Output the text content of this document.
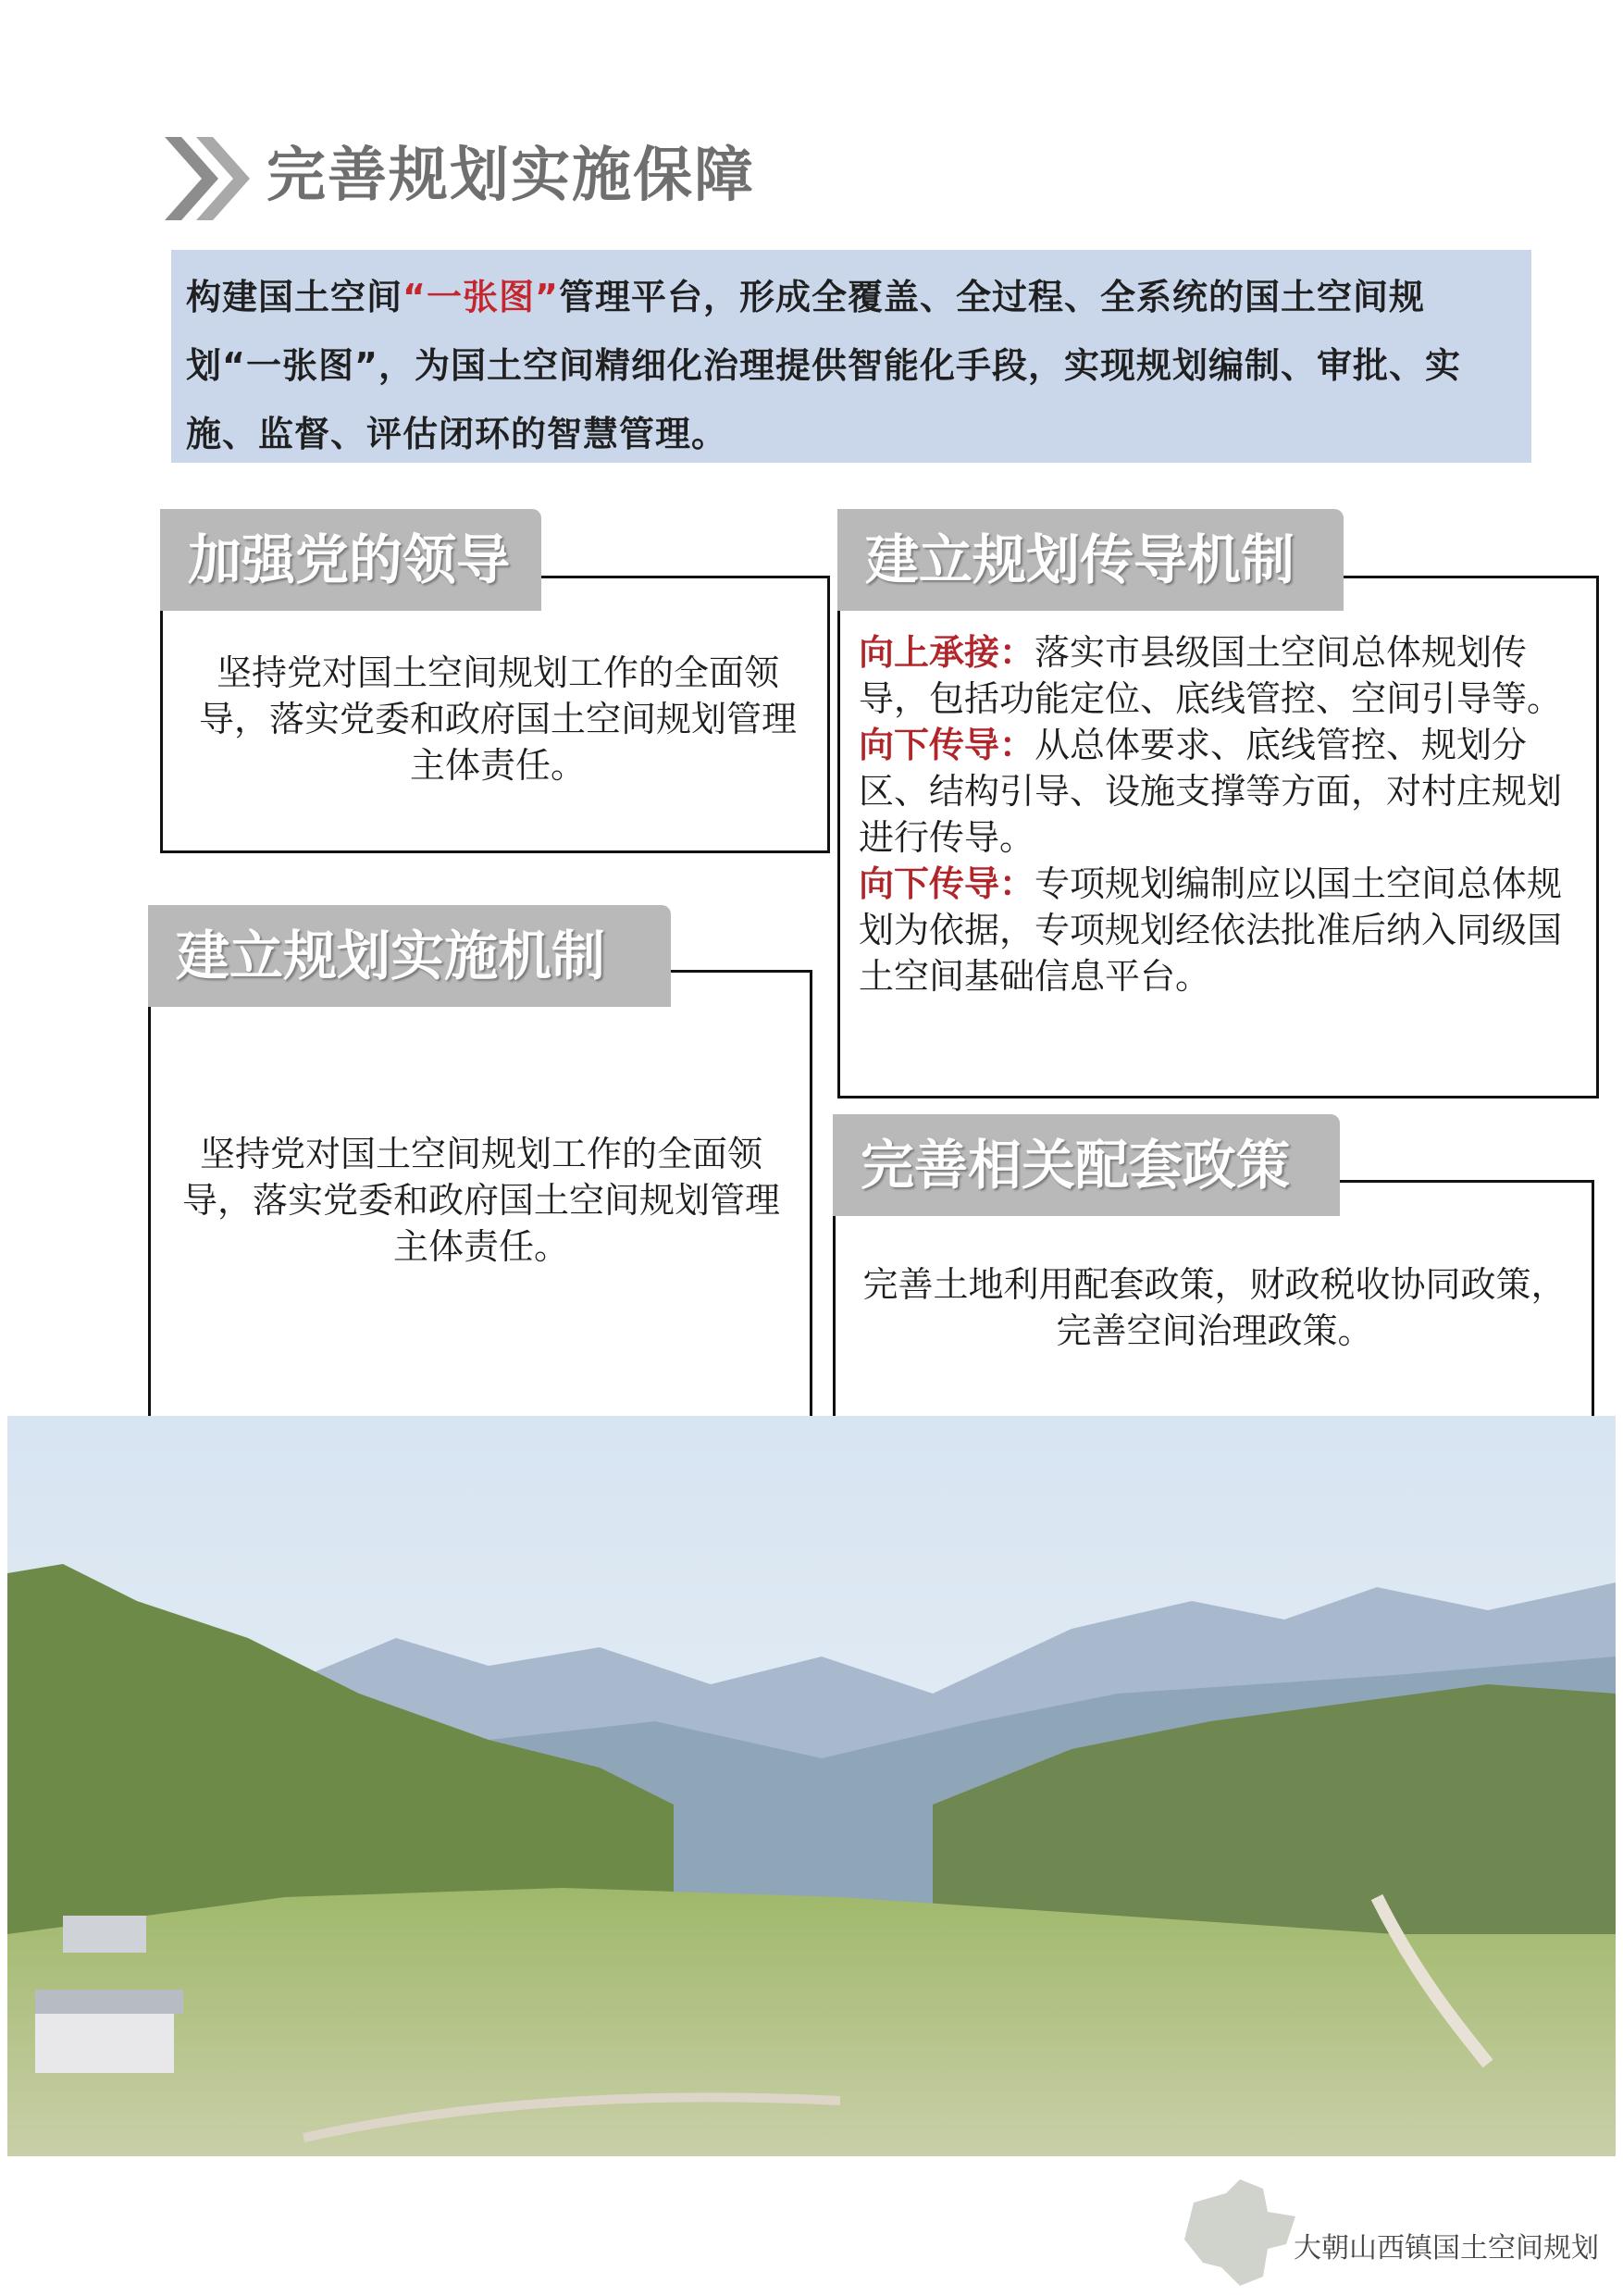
完善规划实施保障

构建国土空间“一张图”管理平台，形成全覆盖、全过程、全系统的国土空间规划“一张图”，为国土空间精细化治理提供智能化手段，实现规划编制、审批、实施、监督、评估闭环的智慧管理。

加强党的领导
坚持党对国土空间规划工作的全面领导，落实党委和政府国土空间规划管理主体责任。
建立规划传导机制
向上承接：落实市县级国土空间总体规划传导，包括功能定位、底线管控、空间引导等。
向下传导：从总体要求、底线管控、规划分区、结构引导、设施支撑等方面，对村庄规划进行传导。
向下传导：专项规划编制应以国土空间总体规划为依据，专项规划经依法批准后纳入同级国土空间基础信息平台。
建立规划实施机制
坚持党对国土空间规划工作的全面领导，落实党委和政府国土空间规划管理主体责任。
完善相关配套政策
完善土地利用配套政策，财政税收协同政策，完善空间治理政策。
大朝山西镇国土空间规划
